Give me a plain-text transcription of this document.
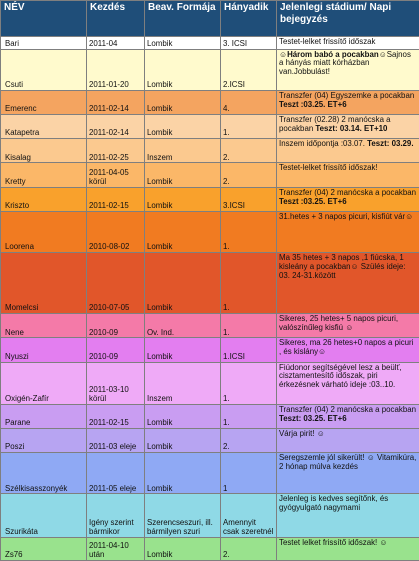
NÉV	Kezdés	Beav. Formája	Hányadik	Jelenlegi stádium/ Napi bejegyzés
Bari	2011-04	Lombik	3. ICSI	Testet-lelket frissítő időszak
Csuti	2011-01-20	Lombik	2.ICSI	☺Három babó a pocakban☺Sajnos a hányás miatt kórházban van.Jobbulást!
Emerenc	2011-02-14	Lombik	4.	Transzfer (04) Egyszemke a pocakban Teszt :03.25. ET+6
Katapetra	2011-02-14	Lombik	1.	Transzfer (02.28) 2 manócska a pocakban Teszt: 03.14. ET+10
Kisalag	2011-02-25	Inszem	2.	Inszem időpontja :03.07. Teszt: 03.29.
Kretty	2011-04-05 körül	Lombik	2.	Testet-lelket frissítő időszak!
Kriszto	2011-02-15	Lombik	3.ICSI	Transzfer (04) 2 manócska a pocakban Teszt :03.25. ET+6
Loorena	2010-08-02	Lombik	1.	31.hetes + 3 napos picuri, kisfiút vár☺
Momelcsi	2010-07-05	Lombik	1.	Ma 35 hetes + 3 napos ,1 fiúcska, 1 kisleány a pocakban☺ Szülés ideje: 03. 24-31.között
Nene	2010-09	Ov. Ind.	1.	Sikeres, 25 hetes+ 5 napos picuri, valószínűleg kisfiú ☺
Nyuszi	2010-09	Lombik	1.ICSI	Sikeres, ma 26 hetes+0 napos a picuri , és kislány☺
Oxigén-Zafír	2011-03-10 körül	Inszem	1.	Fiúdonor segítségével lesz a beülť, cisztamentesítő időszak, piri érkezésnek várható ideje :03..10.
Parane	2011-02-15	Lombik	1.	Transzfer (04) 2 manócska a pocakban Teszt: 03.25. ET+6
Poszi	2011-03 eleje	Lombik	2.	Várja pirit! ☺
Szélkisasszonyék	2011-05 eleje	Lombik	1	Seregszemle jól sikerült! ☺ Vitamikúra, 2 hónap múlva kezdés
Szurikáta	Igény szerint bármikor	Szerencseszuri, ill. bármilyen szuri	Amennyit csak szeretnél	Jelenleg is kedves segítőnk, és gyógyulgató nagymami
Zs76	2011-04-10 után	Lombik	2.	Testet lelket frissítő időszak! ☺
